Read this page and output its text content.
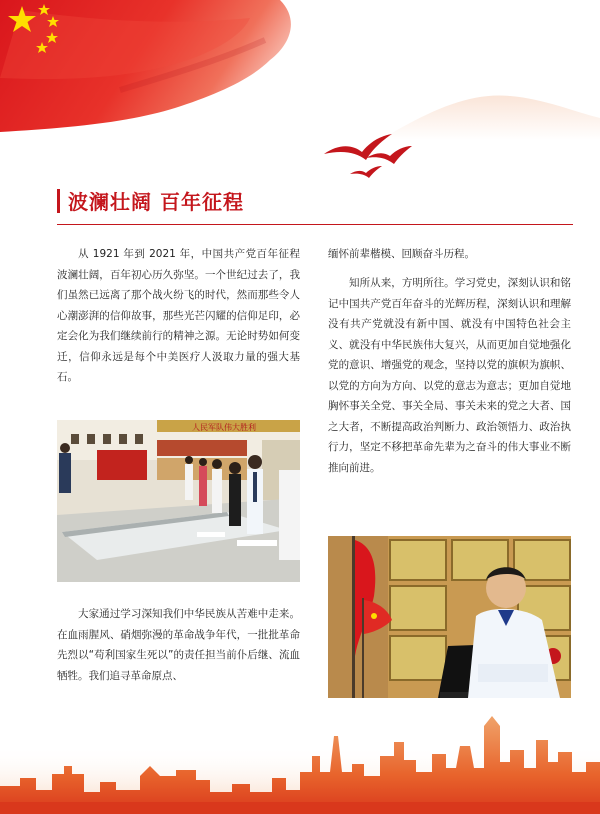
波澜壮阔 百年征程

从 1921 年到 2021 年，中国共产党百年征程波澜壮阔，百年初心历久弥坚。一个世纪过去了，我们虽然已远离了那个战火纷飞的时代，然而那些令人心潮澎湃的信仰故事，那些光芒闪耀的信仰足印，必定会化为我们继续前行的精神之源。无论时势如何变迁，信仰永远是每个中美医疗人汲取力量的强大基石。

人民军队伟大胜利

大家通过学习深知我们中华民族从苦难中走来。在血雨腥风、硝烟弥漫的革命战争年代，一批批革命先烈以“苟利国家生死以”的责任担当前仆后继、流血牺牲。我们追寻革命原点、

缅怀前辈楷模、回顾奋斗历程。

知所从来，方明所往。学习党史，深刻认识和铭记中国共产党百年奋斗的光辉历程，深刻认识和理解没有共产党就没有新中国、就没有中国特色社会主义、就没有中华民族伟大复兴，从而更加自觉地强化党的意识、增强党的观念，坚持以党的旗帜为旗帜、以党的方向为方向、以党的意志为意志；更加自觉地胸怀事关全党、事关全局、事关未来的党之大者、国之大者，不断提高政治判断力、政治领悟力、政治执行力，坚定不移把革命先辈为之奋斗的伟大事业不断推向前进。
